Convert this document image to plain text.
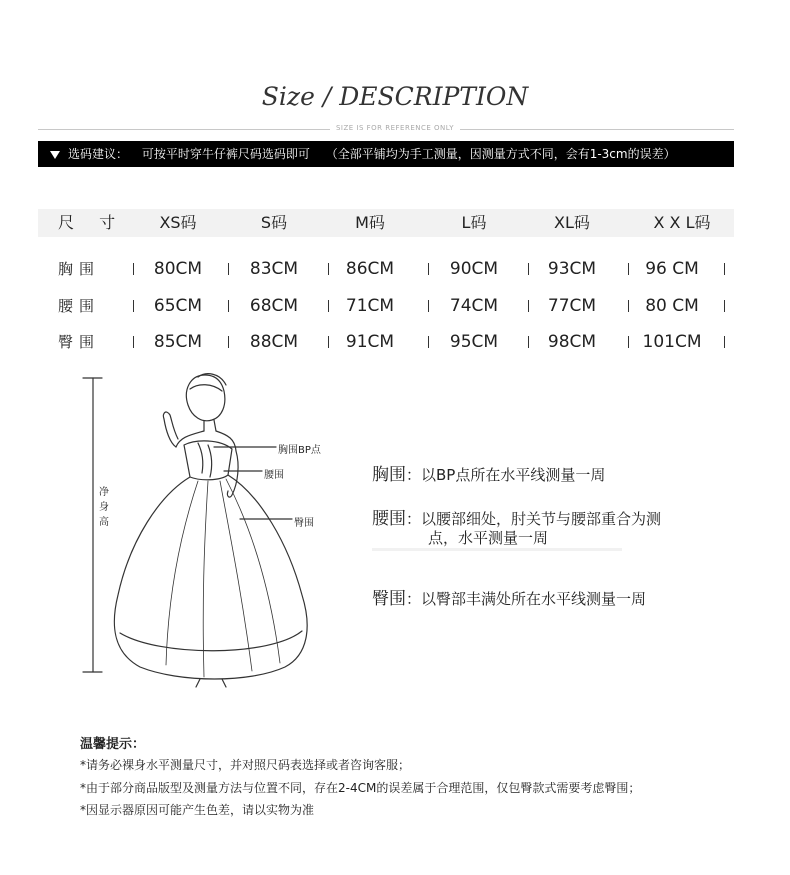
Size / DESCRIPTION
SIZE IS FOR REFERENCE ONLY
选码建议： 可按平时穿牛仔裤尺码选码即可 （全部平铺均为手工测量，因测量方式不同，会有1-3cm的误差）
尺 寸	XS码	S码	M码	L码	XL码	X X L码
胸围	80CM	83CM	86CM	90CM	93CM	96 CM
腰围	65CM	68CM	71CM	74CM	77CM	80 CM
臀围	85CM	88CM	91CM	95CM	98CM	101CM
净
身
高
胸围BP点
腰围
臀围
胸围：以BP点所在水平线测量一周
腰围：以腰部细处，肘关节与腰部重合为测
点，水平测量一周
臀围：以臀部丰满处所在水平线测量一周
温馨提示：
*请务必裸身水平测量尺寸，并对照尺码表选择或者咨询客服；
*由于部分商品版型及测量方法与位置不同，存在2-4CM的误差属于合理范围，仅包臀款式需要考虑臀围；
*因显示器原因可能产生色差，请以实物为准
